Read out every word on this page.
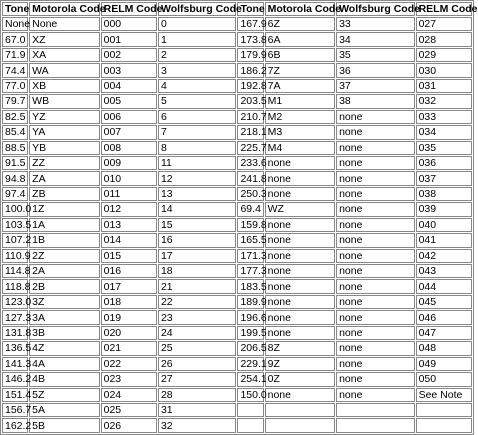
Tone	Motorola Code	RELM Code	Wolfsburg Code	Tone	Motorola Code	Wolfsburg Code	RELM Code
None	None	000	0	167.9	6Z	33	027
67.0	XZ	001	1	173.8	6A	34	028
71.9	XA	002	2	179.9	6B	35	029
74.4	WA	003	3	186.2	7Z	36	030
77.0	XB	004	4	192.8	7A	37	031
79.7	WB	005	5	203.5	M1	38	032
82.5	YZ	006	6	210.7	M2	none	033
85.4	YA	007	7	218.1	M3	none	034
88.5	YB	008	8	225.7	M4	none	035
91.5	ZZ	009	11	233.6	none	none	036
94.8	ZA	010	12	241.8	none	none	037
97.4	ZB	011	13	250.3	none	none	038
100.0	1Z	012	14	69.4	WZ	none	039
103.5	1A	013	15	159.8	none	none	040
107.2	1B	014	16	165.5	none	none	041
110.9	2Z	015	17	171.3	none	none	042
114.8	2A	016	18	177.3	none	none	043
118.8	2B	017	21	183.5	none	none	044
123.0	3Z	018	22	189.9	none	none	045
127.3	3A	019	23	196.6	none	none	046
131.8	3B	020	24	199.5	none	none	047
136.5	4Z	021	25	206.5	8Z	none	048
141.3	4A	022	26	229.1	9Z	none	049
146.2	4B	023	27	254.1	0Z	none	050
151.4	5Z	024	28	150.0	none	none	See Note
156.7	5A	025	31				
162.2	5B	026	32				
